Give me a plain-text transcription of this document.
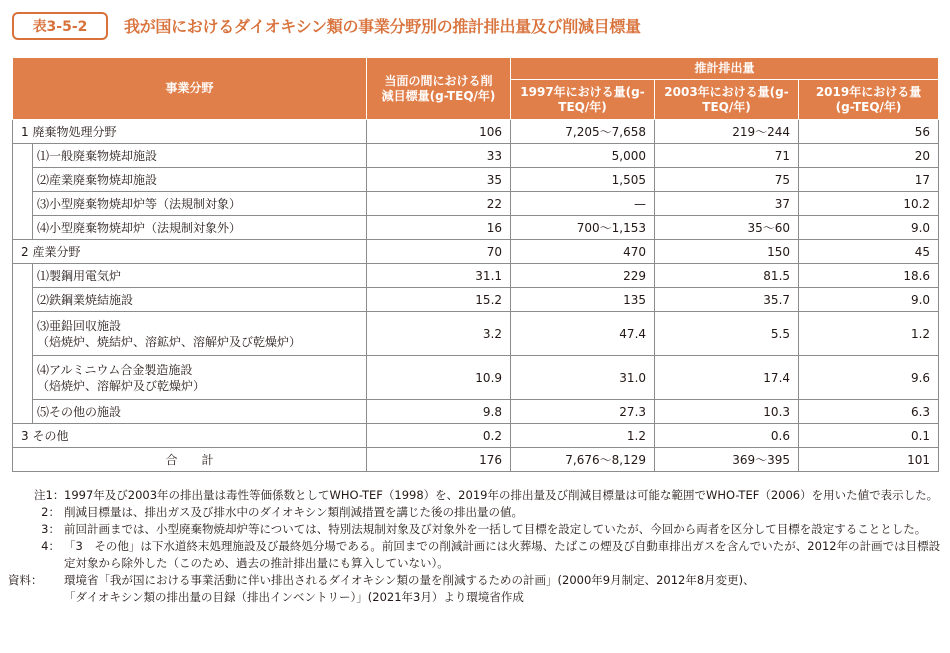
表3-5-2	我が国におけるダイオキシン類の事業分野別の推計排出量及び削減目標量
事業分野		当面の間における削減目標量(g-TEQ/年)	推計排出量		
			1997年における量(g-TEQ/年)	2003年における量(g-TEQ/年)	2019年における量(g-TEQ/年)
1 廃棄物処理分野		106	7,205〜7,658	219〜244	56
	⑴一般廃棄物焼却施設	33	5,000	71	20
	⑵産業廃棄物焼却施設	35	1,505	75	17
	⑶小型廃棄物焼却炉等（法規制対象）	22	—	37	10.2
	⑷小型廃棄物焼却炉（法規制対象外）	16	700〜1,153	35〜60	9.0
2 産業分野		70	470	150	45
	⑴製鋼用電気炉	31.1	229	81.5	18.6
	⑵鉄鋼業焼結施設	15.2	135	35.7	9.0

	⑶亜鉛回収施設
（焙焼炉、焼結炉、溶鉱炉、溶解炉及び乾燥炉）	3.2	47.4	5.5	1.2

	⑷アルミニウム合金製造施設
（焙焼炉、溶解炉及び乾燥炉）	10.9	31.0	17.4	9.6
	⑸その他の施設	9.8	27.3	10.3	6.3
3 その他		0.2	1.2	0.6	0.1
合　　計		176	7,676〜8,129	369〜395	101
注1： 1997年及び2003年の排出量は毒性等価係数としてWHO-TEF（1998）を、2019年の排出量及び削減目標量は可能な範囲でWHO-TEF（2006）を用いた値で表示した。
2： 削減目標量は、排出ガス及び排水中のダイオキシン類削減措置を講じた後の排出量の値。
3： 前回計画までは、小型廃棄物焼却炉等については、特別法規制対象及び対象外を一括して目標を設定していたが、今回から両者を区分して目標を設定することとした。
4： 「3　その他」は下水道終末処理施設及び最終処分場である。前回までの削減計画には火葬場、たばこの煙及び自動車排出ガスを含んでいたが、2012年の計画では目標設定対象から除外した（このため、過去の推計排出量にも算入していない）。
資料：	環境省「我が国における事業活動に伴い排出されるダイオキシン類の量を削減するための計画」(2000年9月制定、2012年8月変更)、
「ダイオキシン類の排出量の目録（排出インベントリー）」(2021年3月）より環境省作成
